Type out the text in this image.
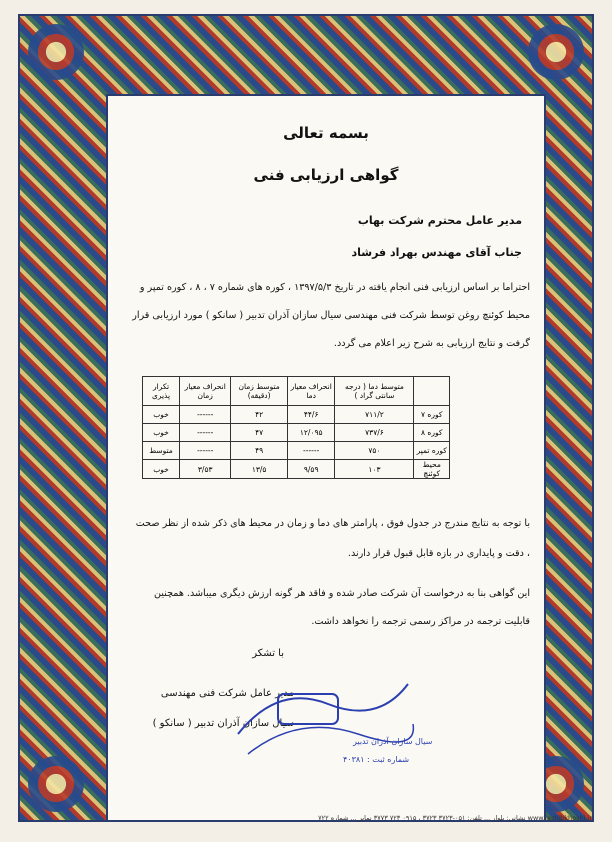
بسمه تعالی
گواهی ارزیابی فنی
مدیر عامل محترم شرکت بهاب
جناب آقای مهندس بهراد فرشاد
احتراما بر اساس ارزیابی فنی انجام یافته در تاریخ ۱۳۹۷/۵/۳ ، کوره های شماره ۷ ، ۸ ، کوره تمپر و
محیط کوئنچ روغن توسط شرکت فنی مهندسی سیال سازان آذران تدبیر ( سانکو ) مورد ارزیابی قرار
گرفت و نتایج ارزیابی به شرح زیر اعلام می گردد.
	متوسط دما ( درجه سانتی گراد )	انحراف معیار دما	متوسط زمان (دقیقه)	انحراف معیار زمان	تکرار پذیری
کوره ۷	۷۱۱/۲	۴۴/۶	۴۲	------	خوب
کوره ۸	۷۳۷/۶	۱۲/۰۹۵	۴۷	------	خوب
کوره تمپر	۷۵۰	------	۴۹	------	متوسط
محیط کوئنچ	۱۰۳	۹/۵۹	۱۳/۵	۳/۵۳	خوب
با توجه به نتایج مندرج در جدول فوق ، پارامتر های دما و زمان در محیط های ذکر شده از نظر صحت
، دقت و پایداری در بازه قابل قبول قرار دارند.
این گواهی بنا به درخواست آن شرکت صادر شده و فاقد هر گونه ارزش دیگری میباشد. همچنین
قابلیت ترجمه در مراکز رسمی ترجمه را نخواهد داشت.
با تشکر
مدیر عامل شرکت فنی مهندسی
سیال سازان آذران تدبیر ( سانکو )
سیال سازان آذران تدبیر
شماره ثبت : ۴۰۳۸۱
www.iashibkhoshi.ir نشانی: بلوار ... تلفن: ۰۵۱-۳۷۲۳ ۳۷۲۳ ، ۰۹۱۵ ۷۲۳ ۳۷۷۳ نمابر ... شماره ۷۲۲
